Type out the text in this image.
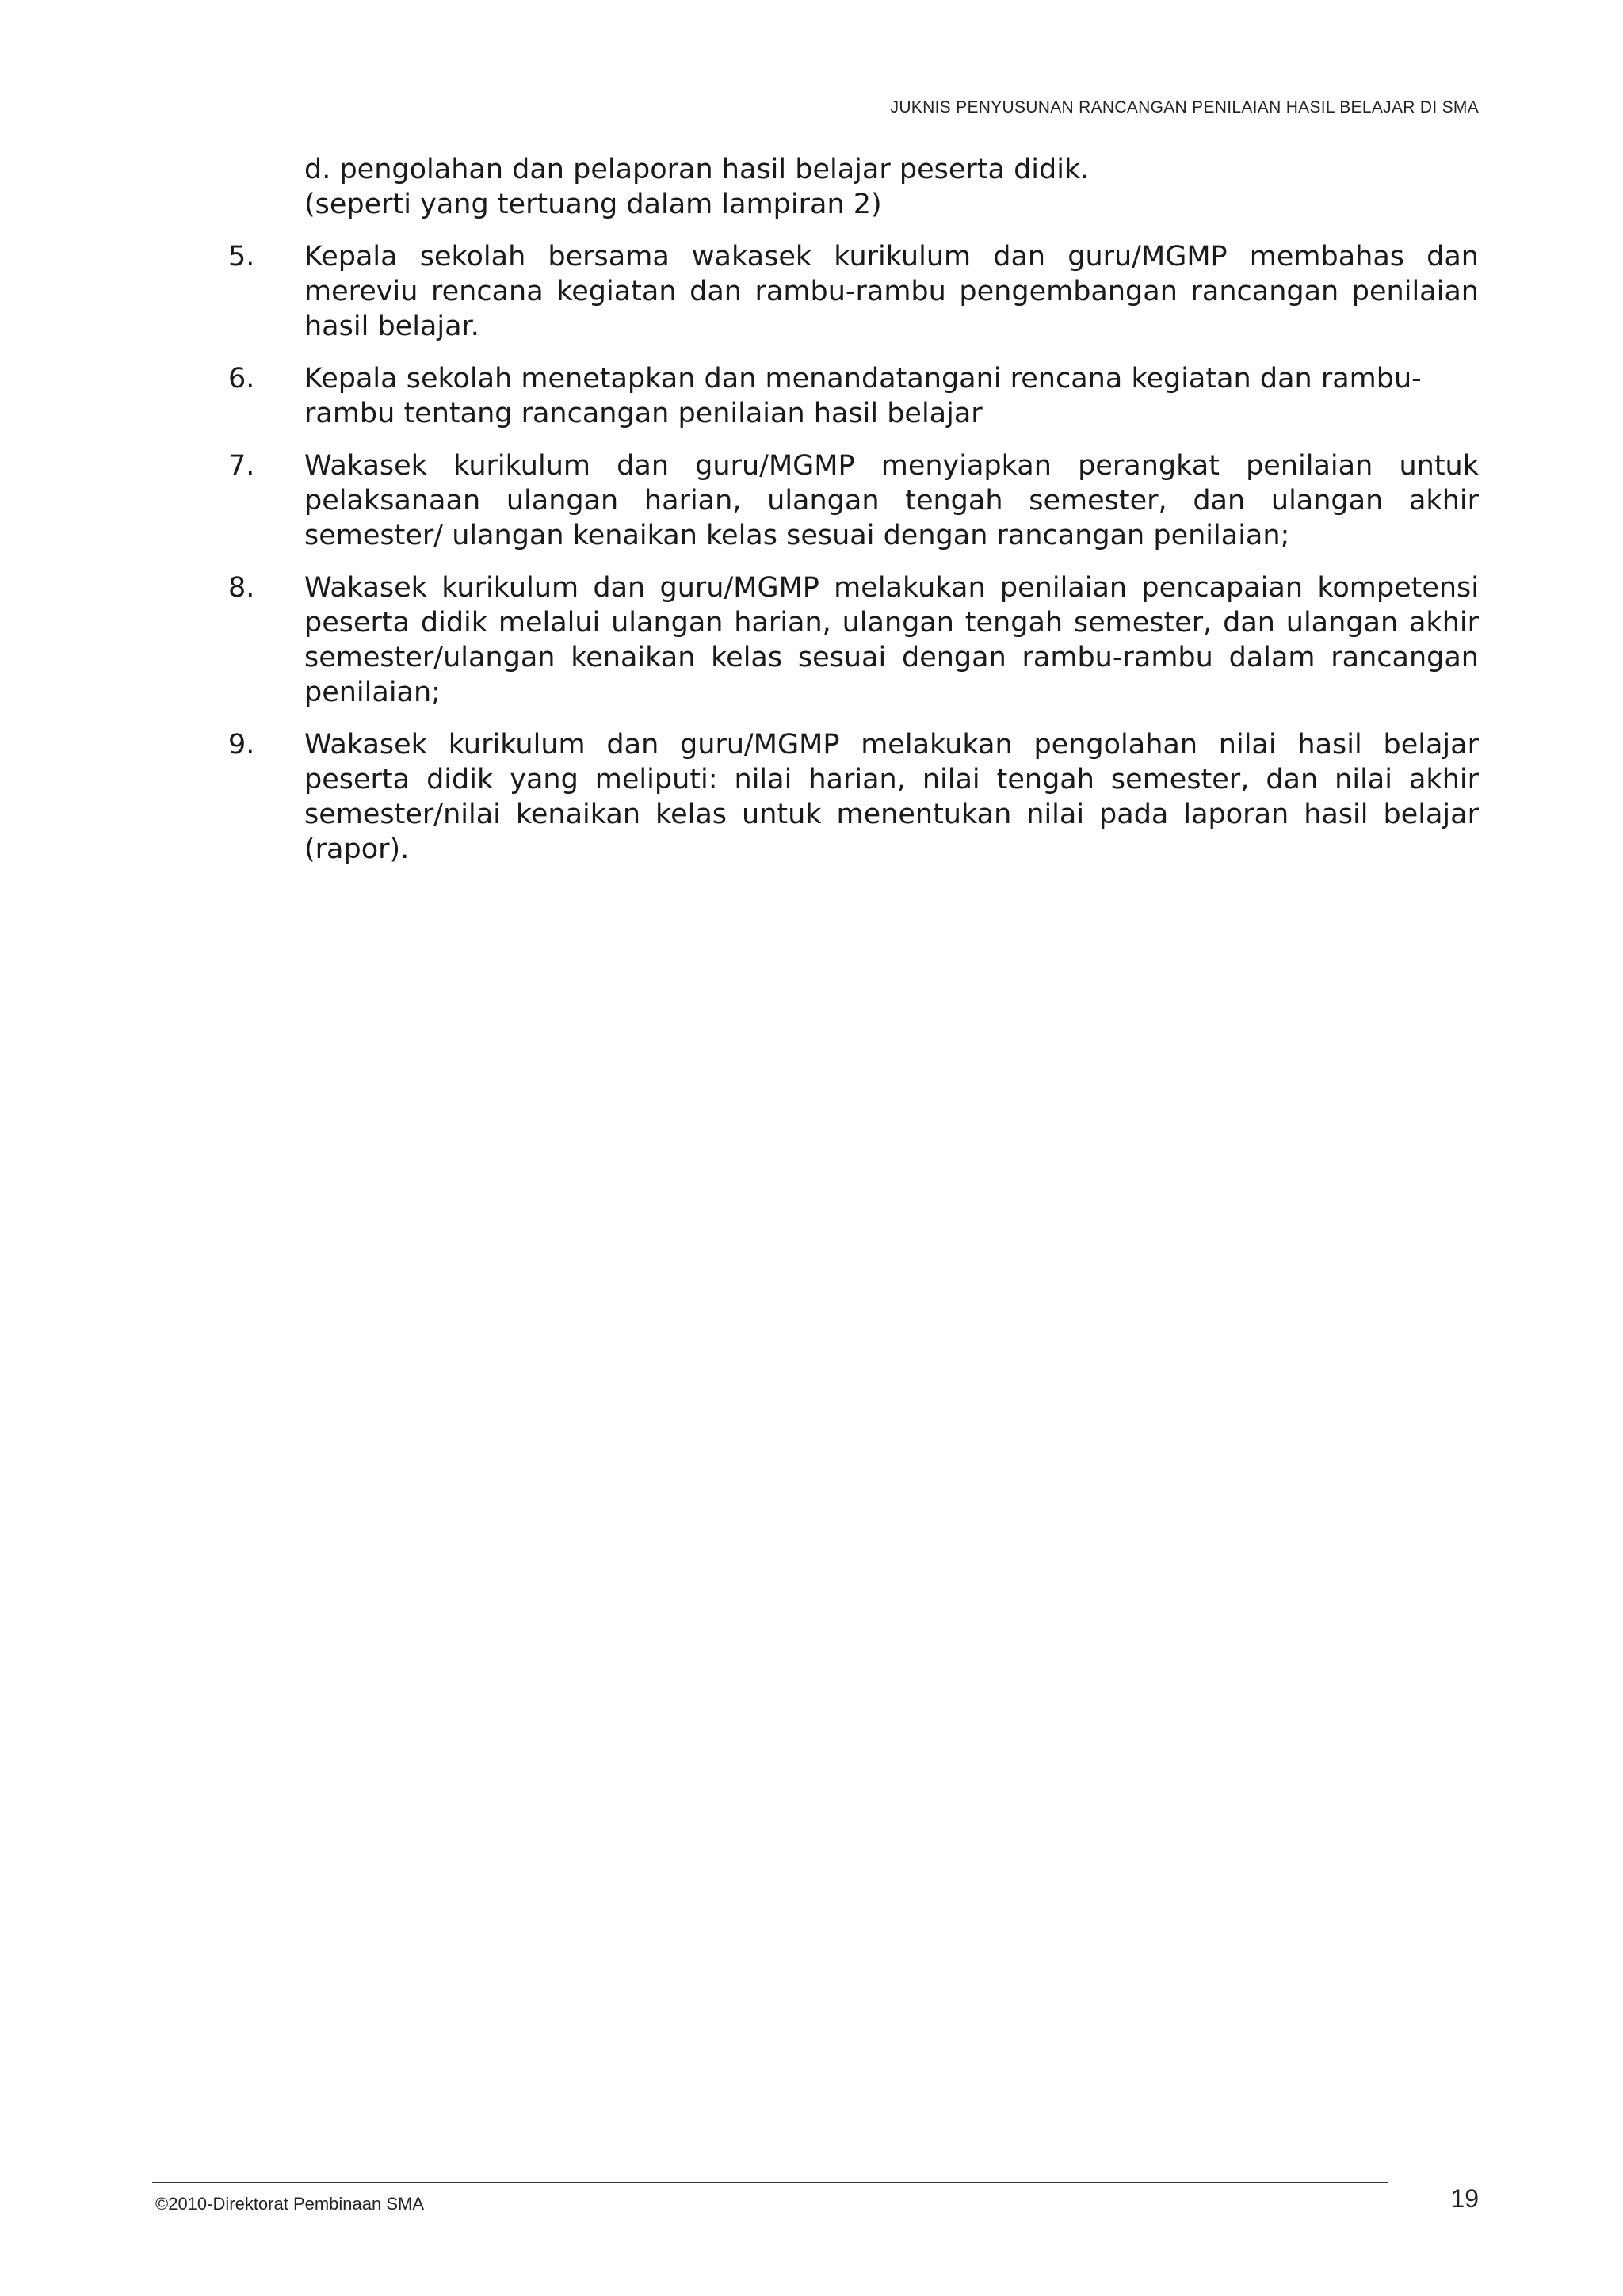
JUKNIS PENYUSUNAN RANCANGAN PENILAIAN HASIL BELAJAR DI SMA
d. pengolahan dan pelaporan hasil belajar peserta didik.
(seperti yang tertuang dalam lampiran 2)
5.	Kepala sekolah bersama wakasek kurikulum dan guru/MGMP membahas dan mereviu rencana kegiatan dan rambu-rambu pengembangan rancangan penilaian hasil belajar.
6.	Kepala sekolah menetapkan dan menandatangani rencana kegiatan dan rambu-rambu tentang rancangan penilaian hasil belajar
7.	Wakasek kurikulum dan guru/MGMP menyiapkan perangkat penilaian untuk pelaksanaan ulangan harian, ulangan tengah semester, dan ulangan akhir semester/ ulangan kenaikan kelas sesuai dengan rancangan penilaian;
8.	Wakasek kurikulum dan guru/MGMP melakukan penilaian pencapaian kompetensi peserta didik melalui ulangan harian, ulangan tengah semester, dan ulangan akhir semester/ulangan kenaikan kelas sesuai dengan rambu-rambu dalam rancangan penilaian;
9.	Wakasek kurikulum dan guru/MGMP melakukan pengolahan nilai hasil belajar peserta didik yang meliputi: nilai harian, nilai tengah semester, dan nilai akhir semester/nilai kenaikan kelas untuk menentukan nilai pada laporan hasil belajar (rapor).
©2010-Direktorat Pembinaan SMA	19
